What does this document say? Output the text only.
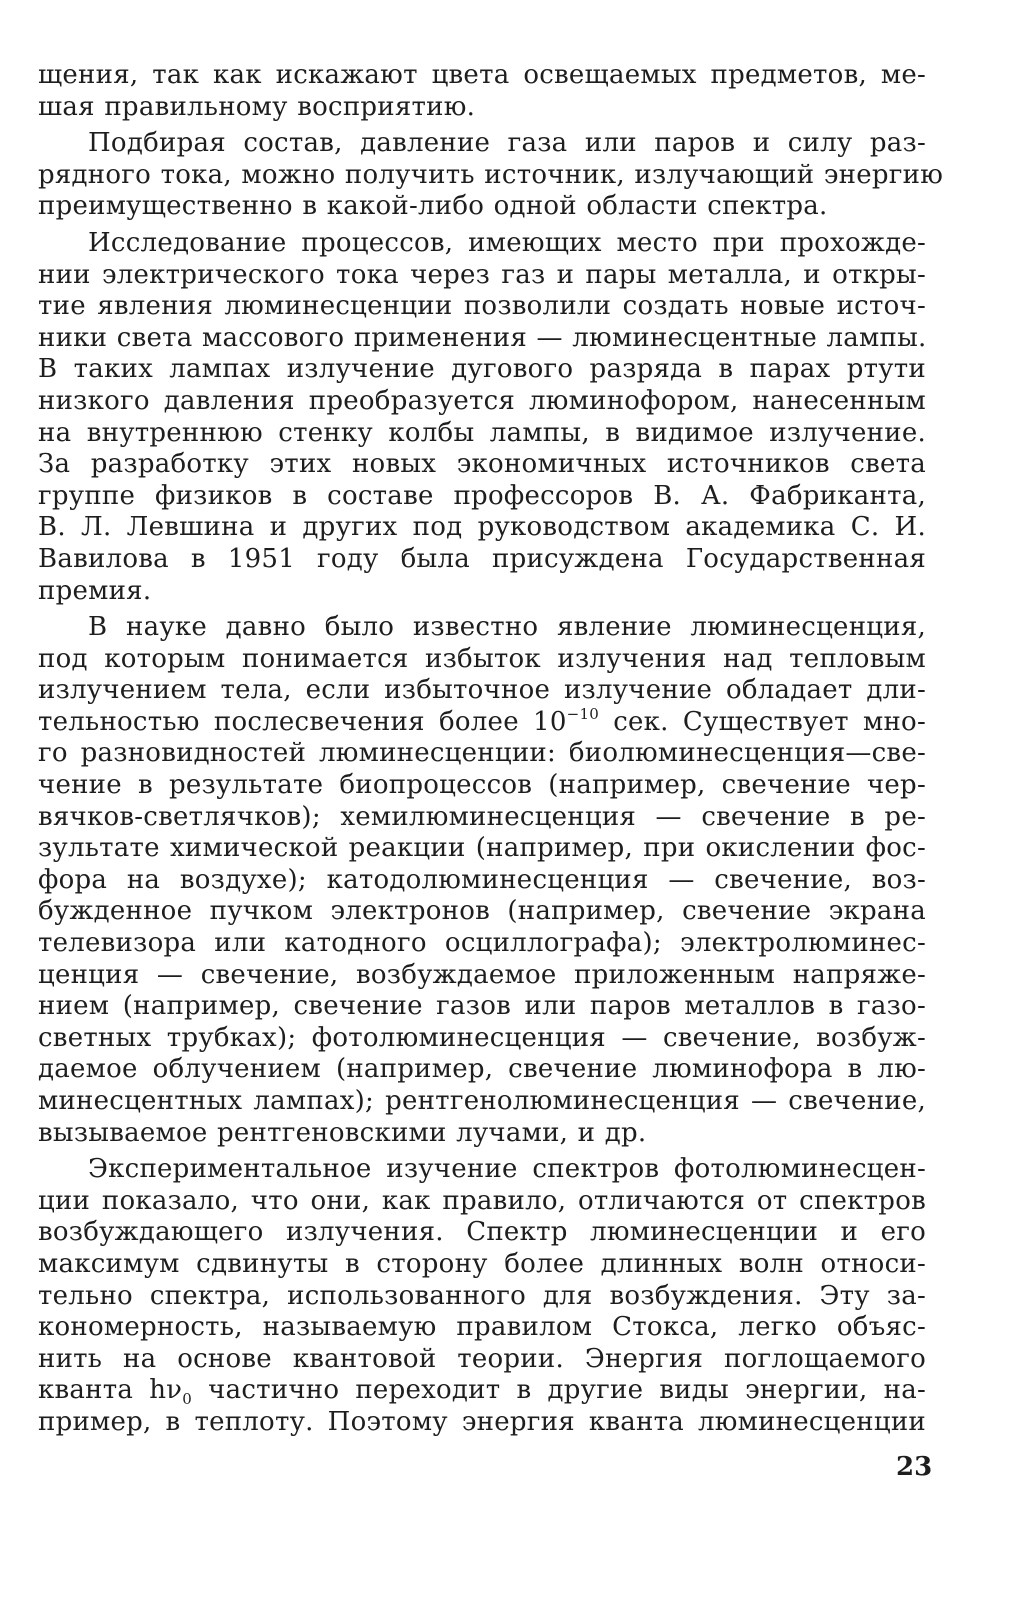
щения, так как искажают цвета освещаемых предметов, ме-
шая правильному восприятию.
Подбирая состав, давление газа или паров и силу раз-
рядного тока, можно получить источник, излучающий энергию
преимущественно в какой-либо одной области спектра.
Исследование процессов, имеющих место при прохожде-
нии электрического тока через газ и пары металла, и откры-
тие явления люминесценции позволили создать новые источ-
ники света массового применения — люминесцентные лампы.
В таких лампах излучение дугового разряда в парах ртути
низкого давления преобразуется люминофором, нанесенным
на внутреннюю стенку колбы лампы, в видимое излучение.
За разработку этих новых экономичных источников света
группе физиков в составе профессоров В. А. Фабриканта,
В. Л. Левшина и других под руководством академика С. И.
Вавилова в 1951 году была присуждена Государственная
премия.
В науке давно было известно явление люминесценция,
под которым понимается избыток излучения над тепловым
излучением тела, если избыточное излучение обладает дли-
тельностью послесвечения более $10^{-10}$ сек. Существует мно-
го разновидностей люминесценции: биолюминесценция—све-
чение в результате биопроцессов (например, свечение чер-
вячков-светлячков); хемилюминесценция — свечение в ре-
зультате химической реакции (например, при окислении фос-
фора на воздухе); катодолюминесценция — свечение, воз-
бужденное пучком электронов (например, свечение экрана
телевизора или катодного осциллографа); электролюминес-
ценция — свечение, возбуждаемое приложенным напряже-
нием (например, свечение газов или паров металлов в газо-
светных трубках); фотолюминесценция — свечение, возбуж-
даемое облучением (например, свечение люминофора в лю-
минесцентных лампах); рентгенолюминесценция — свечение,
вызываемое рентгеновскими лучами, и др.
Экспериментальное изучение спектров фотолюминесцен-
ции показало, что они, как правило, отличаются от спектров
возбуждающего излучения. Спектр люминесценции и его
максимум сдвинуты в сторону более длинных волн относи-
тельно спектра, использованного для возбуждения. Эту за-
кономерность, называемую правилом Стокса, легко объяс-
нить на основе квантовой теории. Энергия поглощаемого
кванта $h\nu_0$ частично переходит в другие виды энергии, на-
пример, в теплоту. Поэтому энергия кванта люминесценции
23
